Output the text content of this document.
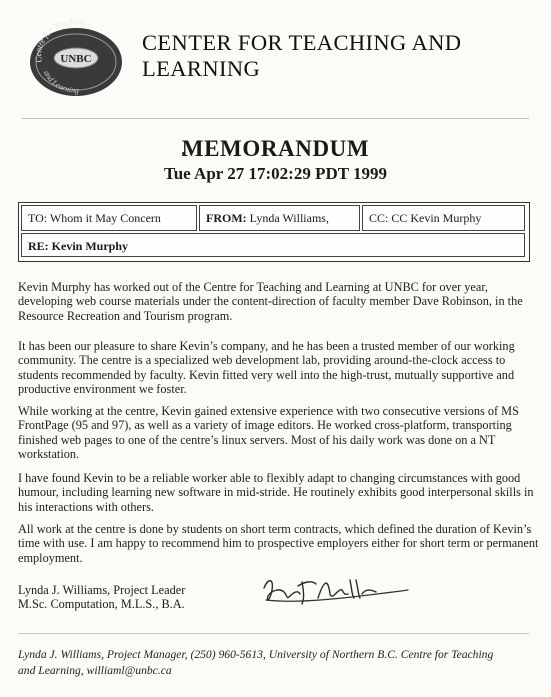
Centre for Teaching
UNBC
and Learning
CENTER FOR TEACHING AND
LEARNING
MEMORANDUM
Tue Apr 27 17:02:29 PDT 1999
TO: Whom it May Concern	FROM: Lynda Williams,	CC: CC Kevin Murphy
RE: Kevin Murphy
Kevin Murphy has worked out of the Centre for Teaching and Learning at UNBC for over year, developing web course materials under the content-direction of faculty member Dave Robinson, in the Resource Recreation and Tourism program.
It has been our pleasure to share Kevin’s company, and he has been a trusted member of our working community. The centre is a specialized web development lab, providing around-the-clock access to students recommended by faculty. Kevin fitted very well into the high-trust, mutually supportive and productive environment we foster.
While working at the centre, Kevin gained extensive experience with two consecutive versions of MS FrontPage (95 and 97), as well as a variety of image editors. He worked cross-platform, transporting finished web pages to one of the centre’s linux servers. Most of his daily work was done on a NT workstation.
I have found Kevin to be a reliable worker able to flexibly adapt to changing circumstances with good humour, including learning new software in mid-stride. He routinely exhibits good interpersonal skills in his interactions with others.
All work at the centre is done by students on short term contracts, which defined the duration of Kevin’s time with use. I am happy to recommend him to prospective employers either for short term or permanent employment.
Lynda J. Williams, Project Leader
M.Sc. Computation, M.L.S., B.A.
Lynda J. Williams, Project Manager, (250) 960-5613, University of Northern B.C. Centre for Teaching
and Learning, williaml@unbc.ca
